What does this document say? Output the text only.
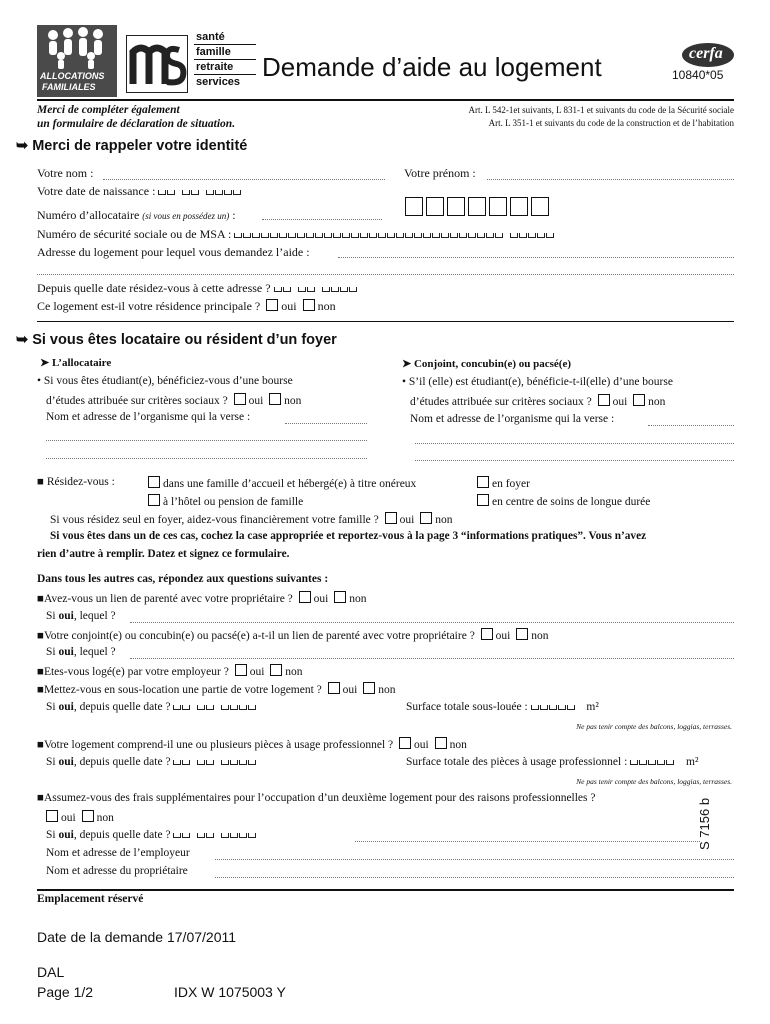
ALLOCATIONS
FAMILIALES
santé
famille
retraite
services Demande d’aide au logement	cerfa
10840*05
Merci de compléter également
un formulaire de déclaration de situation.
Art. L 542-1et suivants, L 831-1 et suivants du code de la Sécurité sociale
Art. L 351-1 et suivants du code de la construction et de l’habitation
➥ Merci de rappeler votre identité
Votre nom :	Votre prénom :
Votre date de naissance :
Numéro d’allocataire (si vous en possédez un) :
Numéro de sécurité sociale ou de MSA :
Adresse du logement pour lequel vous demandez l’aide :
Depuis quelle date résidez-vous à cette adresse ?
Ce logement est-il votre résidence principale ? oui non
➥ Si vous êtes locataire ou résident d’un foyer
➤ L’allocataire
• Si vous êtes étudiant(e), bénéficiez-vous d’une bourse
d’études attribuée sur critères sociaux ? oui non
Nom et adresse de l’organisme qui la verse :
➤ Conjoint, concubin(e) ou pacsé(e)
• S’il (elle) est étudiant(e), bénéficie-t-il(elle) d’une bourse
d’études attribuée sur critères sociaux ? oui non
Nom et adresse de l’organisme qui la verse :
■ Résidez-vous :	dans une famille d’accueil et hébergé(e) à titre onéreux
à l’hôtel ou pension de famille
en foyer
en centre de soins de longue durée
Si vous résidez seul en foyer, aidez-vous financièrement votre famille ? oui non
Si vous êtes dans un de ces cas, cochez la case appropriée et reportez-vous à la page 3 “informations pratiques”. Vous n’avez
rien d’autre à remplir. Datez et signez ce formulaire.
Dans tous les autres cas, répondez aux questions suivantes :
■Avez-vous un lien de parenté avec votre propriétaire ? oui non
Si oui, lequel ?
■Votre conjoint(e) ou concubin(e) ou pacsé(e) a-t-il un lien de parenté avec votre propriétaire ? oui non
Si oui, lequel ?
■Etes-vous logé(e) par votre employeur ? oui non
■Mettez-vous en sous-location une partie de votre logement ? oui non
Si oui, depuis quelle date ?	Surface totale sous-louée :	m²
Ne pas tenir compte des balcons, loggias, terrasses.
■Votre logement comprend-il une ou plusieurs pièces à usage professionnel ? oui non
Si oui, depuis quelle date ?	Surface totale des pièces à usage professionnel :	m²
Ne pas tenir compte des balcons, loggias, terrasses.
■Assumez-vous des frais supplémentaires pour l’occupation d’un deuxième logement pour des raisons professionnelles ?
oui non
Si oui, depuis quelle date ?
Nom et adresse de l’employeur
Nom et adresse du propriétaire
S 7156 b
Emplacement réservé
Date de la demande 17/07/2011
DAL
Page 1/2	IDX W 1075003 Y
